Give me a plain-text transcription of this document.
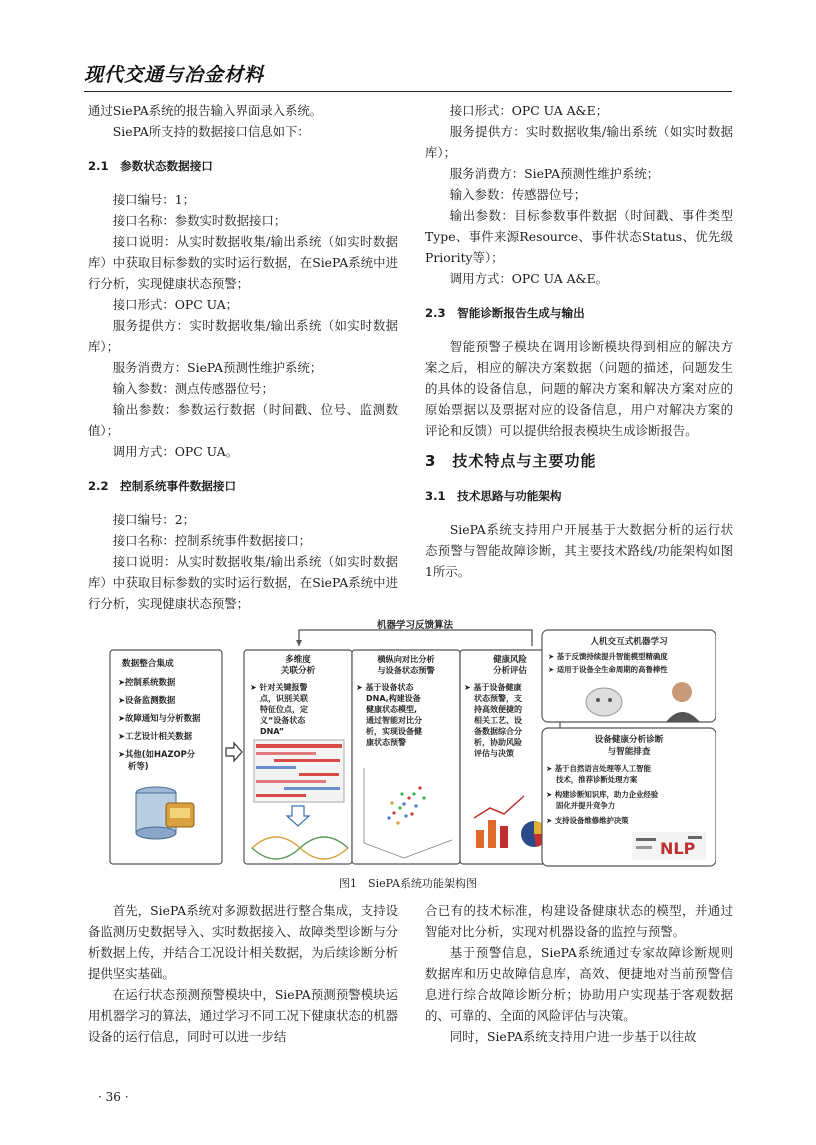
现代交通与冶金材料

通过SiePA系统的报告输入界面录入系统。

SiePA所支持的数据接口信息如下：

2.1　参数状态数据接口

接口编号：1；

接口名称：参数实时数据接口；

接口说明：从实时数据收集/输出系统（如实时数据库）中获取目标参数的实时运行数据，在SiePA系统中进行分析，实现健康状态预警；

接口形式：OPC UA；

服务提供方：实时数据收集/输出系统（如实时数据库）；

服务消费方：SiePA预测性维护系统；

输入参数：测点传感器位号；

输出参数：参数运行数据（时间戳、位号、监测数值）；

调用方式：OPC UA。

2.2　控制系统事件数据接口

接口编号：2；

接口名称：控制系统事件数据接口；

接口说明：从实时数据收集/输出系统（如实时数据库）中获取目标参数的实时运行数据，在SiePA系统中进行分析，实现健康状态预警；

接口形式：OPC UA A&E；

服务提供方：实时数据收集/输出系统（如实时数据库）；

服务消费方：SiePA预测性维护系统；

输入参数：传感器位号；

输出参数：目标参数事件数据（时间戳、事件类型Type、事件来源Resource、事件状态Status、优先级Priority等）；

调用方式：OPC UA A&E。

2.3　智能诊断报告生成与输出

智能预警子模块在调用诊断模块得到相应的解决方案之后，相应的解决方案数据（问题的描述，问题发生的具体的设备信息，问题的解决方案和解决方案对应的原始票据以及票据对应的设备信息，用户对解决方案的评论和反馈）可以提供给报表模块生成诊断报告。

3　技术特点与主要功能
3.1　技术思路与功能架构

SiePA系统支持用户开展基于大数据分析的运行状态预警与智能故障诊断，其主要技术路线/功能架构如图1所示。

机器学习反馈算法
数据整合集成
➤控制系统数据
➤设备监测数据
➤故障通知与分析数据
➤工艺设计相关数据
➤其他(如HAZOP分
析等)
多维度
关联分析
➤ 针对关键报警
点，识别关联
特征位点，定
义“设备状态
DNA”
横纵向对比分析
与设备状态预警
➤ 基于设备状态
DNA,构建设备
健康状态模型,
通过智能对比分
析，实现设备健
康状态预警
健康风险
分析评估
➤ 基于设备健康
状态预警，支
持高效便捷的
相关工艺、设
备数据综合分
析，协助风险
评估与决策
人机交互式机器学习
➤ 基于反馈持续提升智能模型精确度
➤ 适用于设备全生命周期的高鲁棒性
设备健康分析诊断
与智能排查
➤ 基于自然语言处理等人工智能
技术，推荐诊断处理方案
➤ 构建诊断知识库，助力企业经验
固化并提升竞争力
➤ 支持设备维修维护决策
NLP
图1　SiePA系统功能架构图

首先，SiePA系统对多源数据进行整合集成，支持设备监测历史数据导入、实时数据接入、故障类型诊断与分析数据上传，并结合工况设计相关数据，为后续诊断分析提供坚实基础。

在运行状态预测预警模块中，SiePA预测预警模块运用机器学习的算法，通过学习不同工况下健康状态的机器设备的运行信息，同时可以进一步结

合已有的技术标准，构建设备健康状态的模型，并通过智能对比分析，实现对机器设备的监控与预警。

基于预警信息，SiePA系统通过专家故障诊断规则数据库和历史故障信息库，高效、便捷地对当前预警信息进行综合故障诊断分析；协助用户实现基于客观数据的、可靠的、全面的风险评估与决策。

同时，SiePA系统支持用户进一步基于以往故

· 36 ·
